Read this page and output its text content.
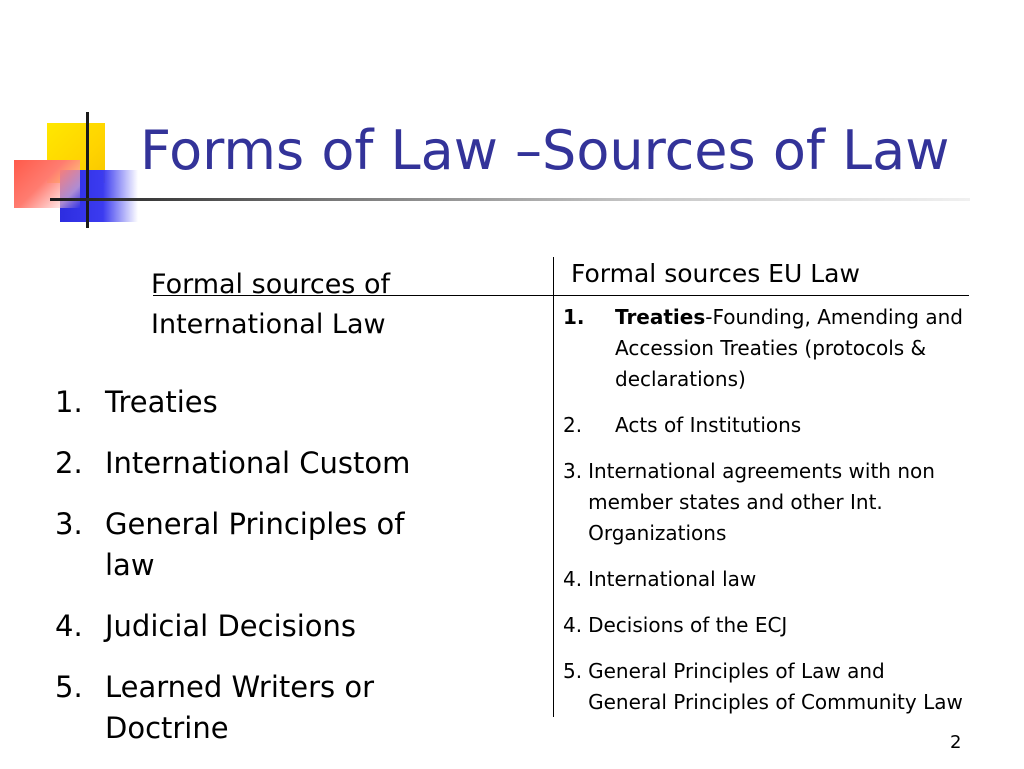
Forms of Law –Sources of Law
Formal sources of International Law
1. Treaties
2. International Custom
3. General Principles of law
4. Judicial Decisions
5. Learned Writers or Doctrine
Formal sources EU Law
1.	Treaties-Founding, Amending and Accession Treaties (protocols & declarations)
2.	Acts of Institutions
3. International agreements with non member states and other Int. Organizations
4. International law
4. Decisions of the ECJ
5. General Principles of Law and General Principles of Community Law
2
